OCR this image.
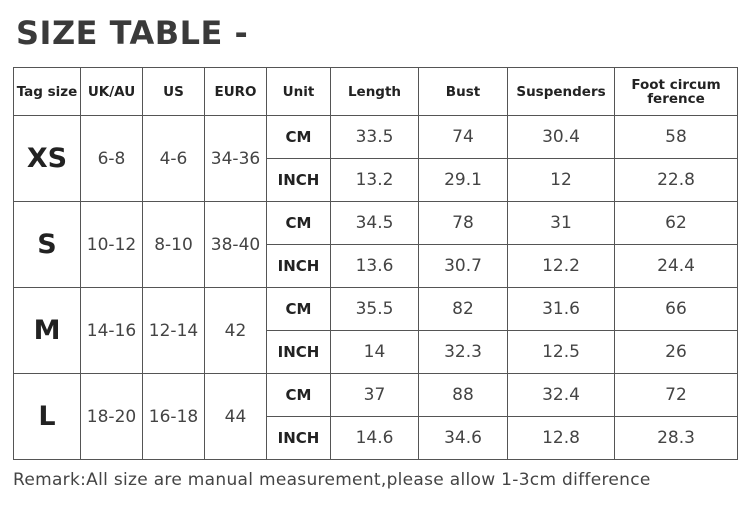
SIZE TABLE -
Tag size	UK/AU	US	EURO	Unit	Length	Bust	Suspenders	Foot circum
ference
XS	6-8	4-6	34-36	CM	33.5	74	30.4	58
				INCH	13.2	29.1	12	22.8
S	10-12	8-10	38-40	CM	34.5	78	31	62
				INCH	13.6	30.7	12.2	24.4
M	14-16	12-14	42	CM	35.5	82	31.6	66
				INCH	14	32.3	12.5	26
L	18-20	16-18	44	CM	37	88	32.4	72
				INCH	14.6	34.6	12.8	28.3
Remark:All size are manual measurement,please allow 1-3cm difference
